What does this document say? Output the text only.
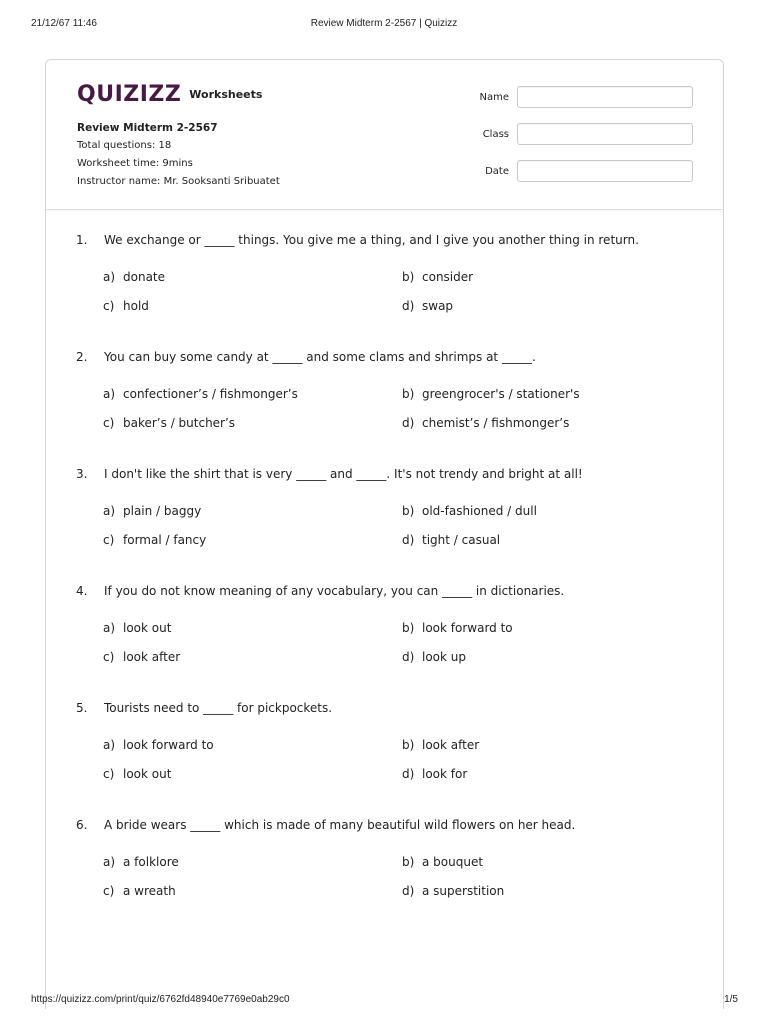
21/12/67 11:46	Review Midterm 2-2567 | Quizizz
QUIZIZZ Worksheets
Review Midterm 2-2567
Total questions: 18
Worksheet time: 9mins
Instructor name: Mr. Sooksanti Sribuatet
Name
Class
Date
1. We exchange or _____ things. You give me a thing, and I give you another thing in return.
a) donate	b) consider
c) hold	d) swap
2. You can buy some candy at _____ and some clams and shrimps at _____.
a) confectioner’s / fishmonger’s	b) greengrocer's / stationer's
c) baker’s / butcher’s	d) chemist’s / fishmonger’s
3. I don't like the shirt that is very _____ and _____. It's not trendy and bright at all!
a) plain / baggy	b) old-fashioned / dull
c) formal / fancy	d) tight / casual
4. If you do not know meaning of any vocabulary, you can _____ in dictionaries.
a) look out	b) look forward to
c) look after	d) look up
5. Tourists need to _____ for pickpockets.
a) look forward to	b) look after
c) look out	d) look for
6. A bride wears _____ which is made of many beautiful wild flowers on her head.
a) a folklore	b) a bouquet
c) a wreath	d) a superstition
https://quizizz.com/print/quiz/6762fd48940e7769e0ab29c0	1/5
